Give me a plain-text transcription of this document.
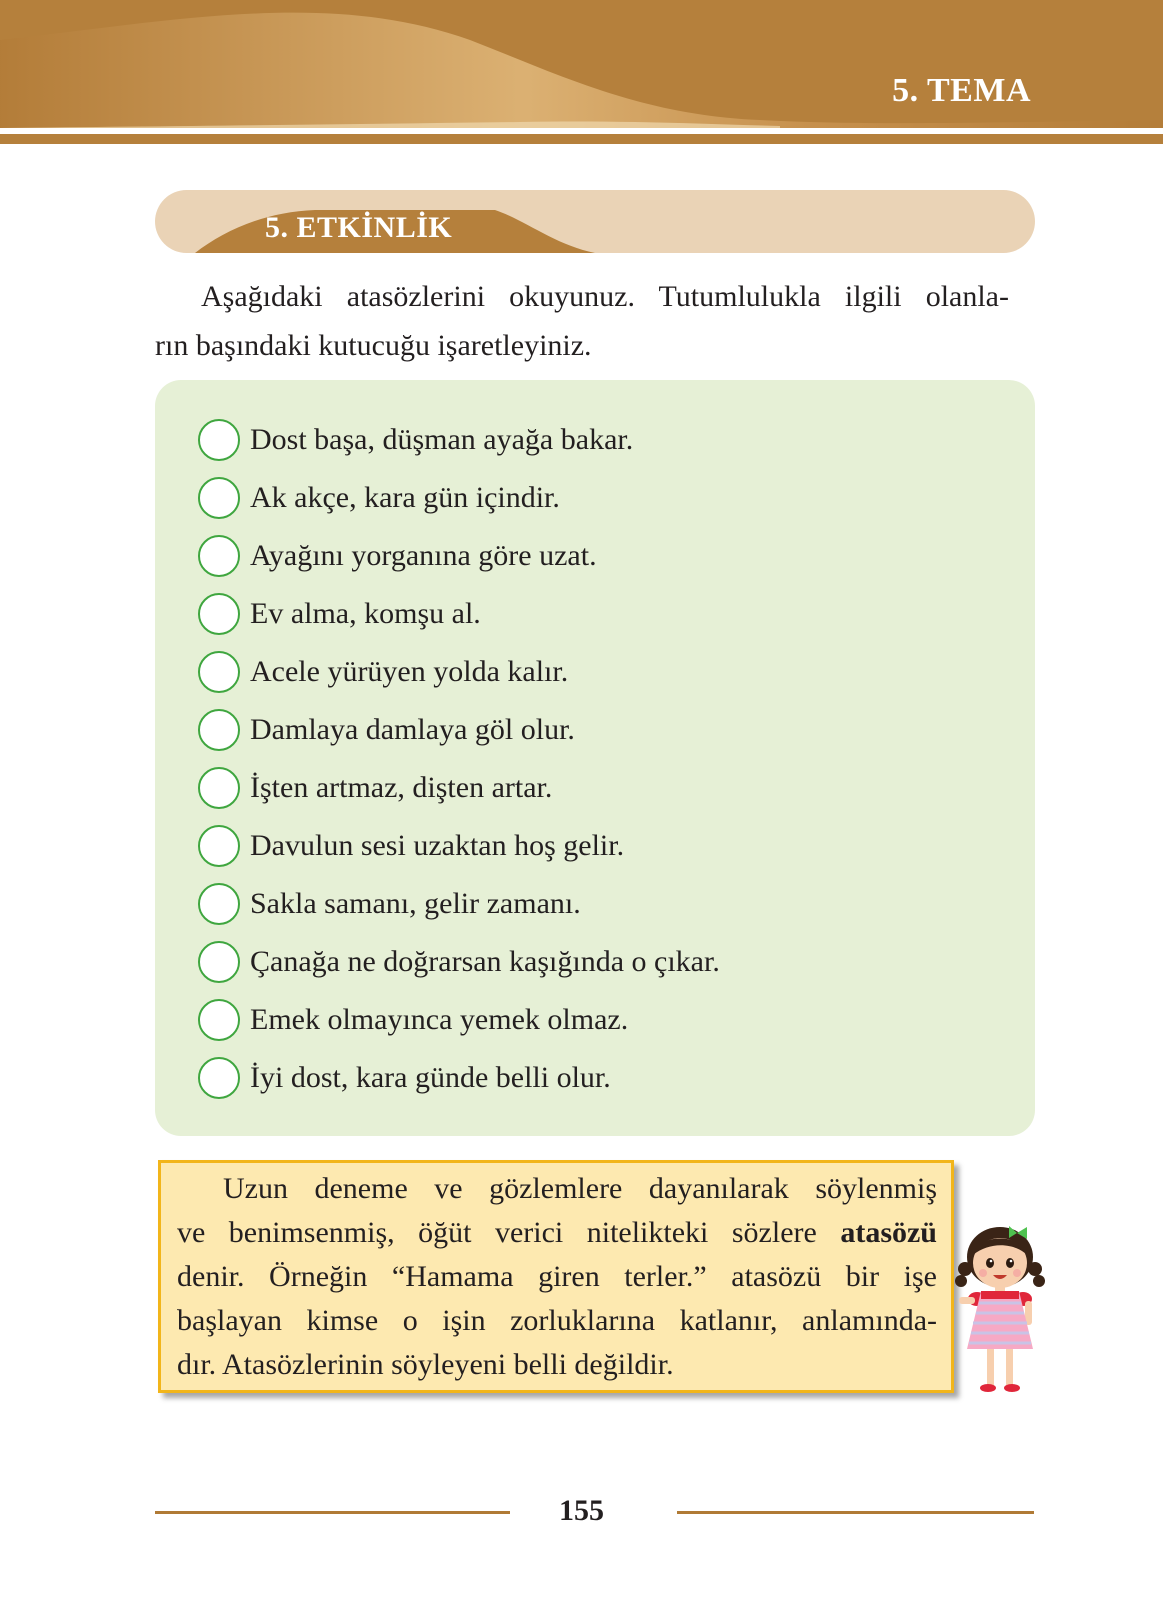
5. TEMA
5. ETKİNLİK
Aşağıdaki atasözlerini okuyunuz. Tutumlulukla ilgili olanla-
rın başındaki kutucuğu işaretleyiniz.
Dost başa, düşman ayağa bakar.
Ak akçe, kara gün içindir.
Ayağını yorganına göre uzat.
Ev alma, komşu al.
Acele yürüyen yolda kalır.
Damlaya damlaya göl olur.
İşten artmaz, dişten artar.
Davulun sesi uzaktan hoş gelir.
Sakla samanı, gelir zamanı.
Çanağa ne doğrarsan kaşığında o çıkar.
Emek olmayınca yemek olmaz.
İyi dost, kara günde belli olur.
Uzun deneme ve gözlemlere dayanılarak söylenmiş
ve benimsenmiş, öğüt verici nitelikteki sözlere atasözü
denir. Örneğin “Hamama giren terler.” atasözü bir işe
başlayan kimse o işin zorluklarına katlanır, anlamında-
dır. Atasözlerinin söyleyeni belli değildir.
155
